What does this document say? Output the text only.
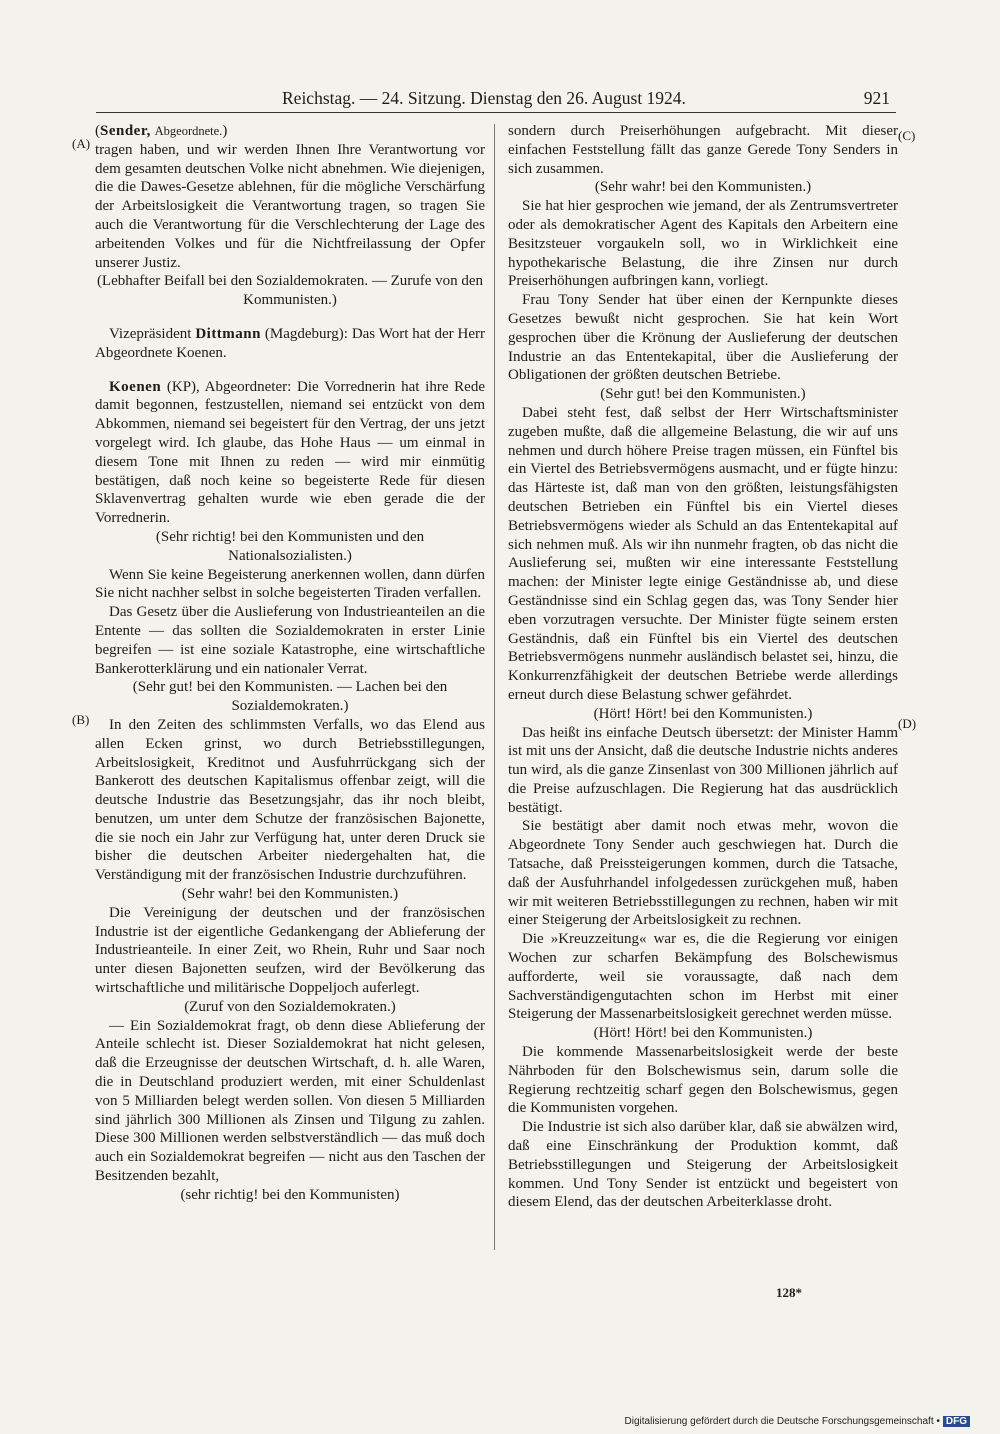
Reichstag. — 24. Sitzung. Dienstag den 26. August 1924.	921
(A)
(B)
(C)
(D)

(Sender, Abgeordnete.)

tragen haben, und wir werden Ihnen Ihre Verantwortung vor dem gesamten deutschen Volke nicht abnehmen. Wie diejenigen, die die Dawes-Gesetze ablehnen, für die mögliche Verschärfung der Arbeitslosigkeit die Verantwortung tragen, so tragen Sie auch die Verantwortung für die Verschlechterung der Lage des arbeitenden Volkes und für die Nichtfreilassung der Opfer unserer Justiz.

(Lebhafter Beifall bei den Sozialdemokraten. — Zurufe von den Kommunisten.)

Vizepräsident Dittmann (Magdeburg): Das Wort hat der Herr Abgeordnete Koenen.

Koenen (KP), Abgeordneter: Die Vorrednerin hat ihre Rede damit begonnen, festzustellen, niemand sei entzückt von dem Abkommen, niemand sei begeistert für den Vertrag, der uns jetzt vorgelegt wird. Ich glaube, das Hohe Haus — um einmal in diesem Tone mit Ihnen zu reden — wird mir einmütig bestätigen, daß noch keine so begeisterte Rede für diesen Sklavenvertrag gehalten wurde wie eben gerade die der Vorrednerin.

(Sehr richtig! bei den Kommunisten und den Nationalsozialisten.)

Wenn Sie keine Begeisterung anerkennen wollen, dann dürfen Sie nicht nachher selbst in solche begeisterten Tiraden verfallen.

Das Gesetz über die Auslieferung von Industrieanteilen an die Entente — das sollten die Sozialdemokraten in erster Linie begreifen — ist eine soziale Katastrophe, eine wirtschaftliche Bankerotterklärung und ein nationaler Verrat.

(Sehr gut! bei den Kommunisten. — Lachen bei den Sozialdemokraten.)

In den Zeiten des schlimmsten Verfalls, wo das Elend aus allen Ecken grinst, wo durch Betriebsstillegungen, Arbeitslosigkeit, Kreditnot und Ausfuhrrückgang sich der Bankerott des deutschen Kapitalismus offenbar zeigt, will die deutsche Industrie das Besetzungsjahr, das ihr noch bleibt, benutzen, um unter dem Schutze der französischen Bajonette, die sie noch ein Jahr zur Verfügung hat, unter deren Druck sie bisher die deutschen Arbeiter niedergehalten hat, die Verständigung mit der französischen Industrie durchzuführen.

(Sehr wahr! bei den Kommunisten.)

Die Vereinigung der deutschen und der französischen Industrie ist der eigentliche Gedankengang der Ablieferung der Industrieanteile. In einer Zeit, wo Rhein, Ruhr und Saar noch unter diesen Bajonetten seufzen, wird der Bevölkerung das wirtschaftliche und militärische Doppeljoch auferlegt.

(Zuruf von den Sozialdemokraten.)

— Ein Sozialdemokrat fragt, ob denn diese Ablieferung der Anteile schlecht ist. Dieser Sozialdemokrat hat nicht gelesen, daß die Erzeugnisse der deutschen Wirtschaft, d. h. alle Waren, die in Deutschland produziert werden, mit einer Schuldenlast von 5 Milliarden belegt werden sollen. Von diesen 5 Milliarden sind jährlich 300 Millionen als Zinsen und Tilgung zu zahlen. Diese 300 Millionen werden selbstverständlich — das muß doch auch ein Sozialdemokrat begreifen — nicht aus den Taschen der Besitzenden bezahlt,

(sehr richtig! bei den Kommunisten)

sondern durch Preiserhöhungen aufgebracht. Mit dieser einfachen Feststellung fällt das ganze Gerede Tony Senders in sich zusammen.

(Sehr wahr! bei den Kommunisten.)

Sie hat hier gesprochen wie jemand, der als Zentrumsvertreter oder als demokratischer Agent des Kapitals den Arbeitern eine Besitzsteuer vorgaukeln soll, wo in Wirklichkeit eine hypothekarische Belastung, die ihre Zinsen nur durch Preiserhöhungen aufbringen kann, vorliegt.

Frau Tony Sender hat über einen der Kernpunkte dieses Gesetzes bewußt nicht gesprochen. Sie hat kein Wort gesprochen über die Krönung der Auslieferung der deutschen Industrie an das Ententekapital, über die Auslieferung der Obligationen der größten deutschen Betriebe.

(Sehr gut! bei den Kommunisten.)

Dabei steht fest, daß selbst der Herr Wirtschaftsminister zugeben mußte, daß die allgemeine Belastung, die wir auf uns nehmen und durch höhere Preise tragen müssen, ein Fünftel bis ein Viertel des Betriebsvermögens ausmacht, und er fügte hinzu: das Härteste ist, daß man von den größten, leistungsfähigsten deutschen Betrieben ein Fünftel bis ein Viertel dieses Betriebsvermögens wieder als Schuld an das Ententekapital auf sich nehmen muß. Als wir ihn nunmehr fragten, ob das nicht die Auslieferung sei, mußten wir eine interessante Feststellung machen: der Minister legte einige Geständnisse ab, und diese Geständnisse sind ein Schlag gegen das, was Tony Sender hier eben vorzutragen versuchte. Der Minister fügte seinem ersten Geständnis, daß ein Fünftel bis ein Viertel des deutschen Betriebsvermögens nunmehr ausländisch belastet sei, hinzu, die Konkurrenzfähigkeit der deutschen Betriebe werde allerdings erneut durch diese Belastung schwer gefährdet.

(Hört! Hört! bei den Kommunisten.)

Das heißt ins einfache Deutsch übersetzt: der Minister Hamm ist mit uns der Ansicht, daß die deutsche Industrie nichts anderes tun wird, als die ganze Zinsenlast von 300 Millionen jährlich auf die Preise aufzuschlagen. Die Regierung hat das ausdrücklich bestätigt.

Sie bestätigt aber damit noch etwas mehr, wovon die Abgeordnete Tony Sender auch geschwiegen hat. Durch die Tatsache, daß Preissteigerungen kommen, durch die Tatsache, daß der Ausfuhrhandel infolgedessen zurückgehen muß, haben wir mit weiteren Betriebsstillegungen zu rechnen, haben wir mit einer Steigerung der Arbeitslosigkeit zu rechnen.

Die »Kreuzzeitung« war es, die die Regierung vor einigen Wochen zur scharfen Bekämpfung des Bolschewismus aufforderte, weil sie voraussagte, daß nach dem Sachverständigengutachten schon im Herbst mit einer Steigerung der Massenarbeitslosigkeit gerechnet werden müsse.

(Hört! Hört! bei den Kommunisten.)

Die kommende Massenarbeitslosigkeit werde der beste Nährboden für den Bolschewismus sein, darum solle die Regierung rechtzeitig scharf gegen den Bolschewismus, gegen die Kommunisten vorgehen.

Die Industrie ist sich also darüber klar, daß sie abwälzen wird, daß eine Einschränkung der Produktion kommt, daß Betriebsstillegungen und Steigerung der Arbeitslosigkeit kommen. Und Tony Sender ist entzückt und begeistert von diesem Elend, das der deutschen Arbeiterklasse droht.

128*
Digitalisierung gefördert durch die Deutsche Forschungsgemeinschaft • DFG
